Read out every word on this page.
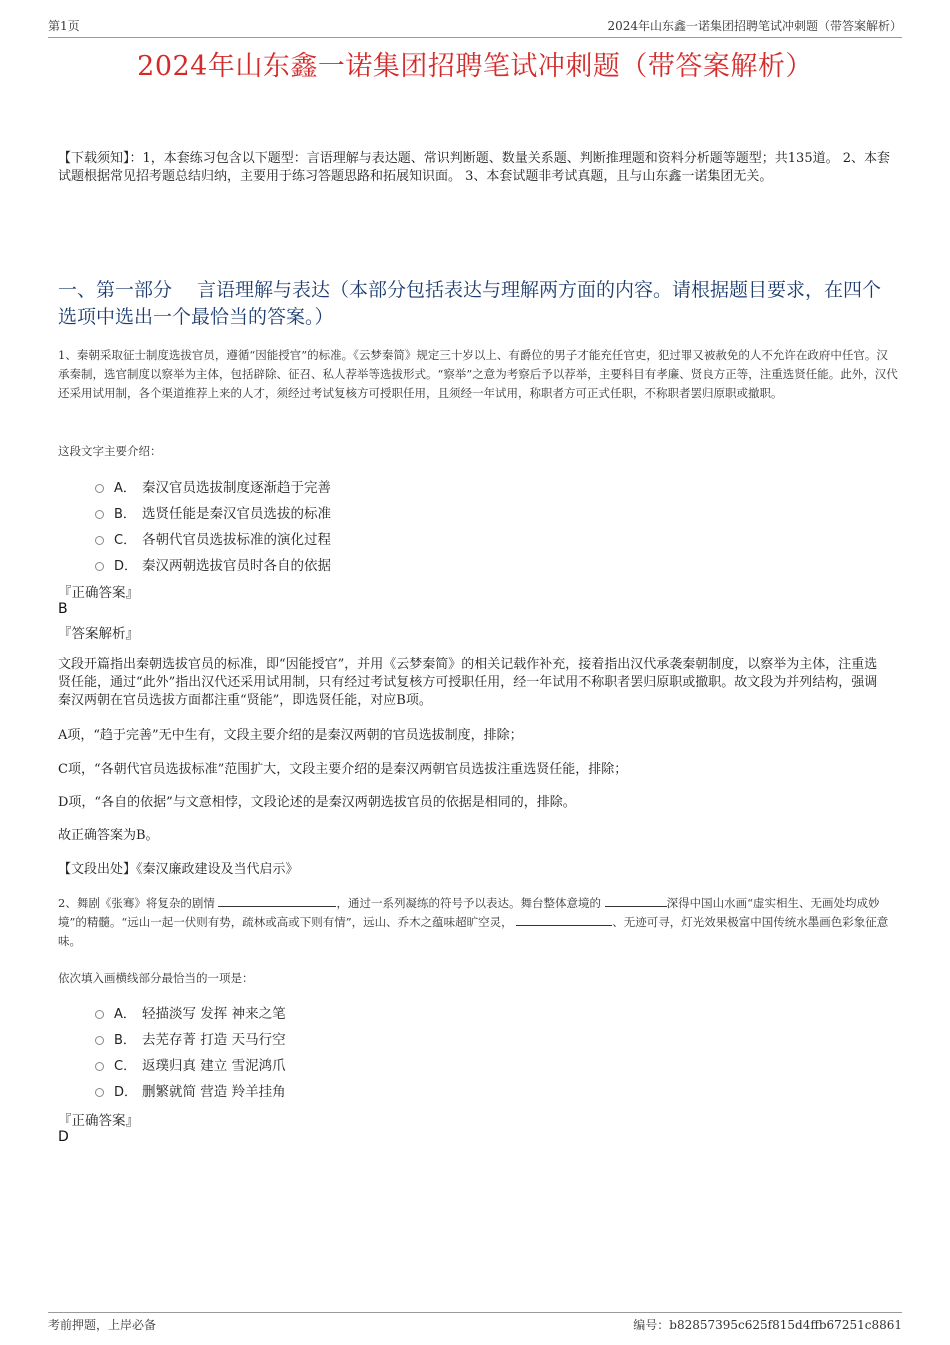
第1页	2024年山东鑫一诺集团招聘笔试冲刺题（带答案解析）
2024年山东鑫一诺集团招聘笔试冲刺题（带答案解析）
【下载须知】：1，本套练习包含以下题型：言语理解与表达题、常识判断题、数量关系题、判断推理题和资料分析题等题型；共135道。 2、本套试题根据常见招考题总结归纳，主要用于练习答题思路和拓展知识面。 3、本套试题非考试真题，且与山东鑫一诺集团无关。
一、第一部分　 言语理解与表达（本部分包括表达与理解两方面的内容。请根据题目要求，在四个选项中选出一个最恰当的答案。）
1、秦朝采取征士制度选拔官员，遵循“因能授官”的标准。《云梦秦简》规定三十岁以上、有爵位的男子才能充任官吏，犯过罪又被赦免的人不允许在政府中任官。汉承秦制，选官制度以察举为主体，包括辟除、征召、私人荐举等选拔形式。“察举”之意为考察后予以荐举，主要科目有孝廉、贤良方正等，注重选贤任能。此外，汉代还采用试用制，各个渠道推荐上来的人才，须经过考试复核方可授职任用，且须经一年试用，称职者方可正式任职，不称职者罢归原职或撤职。
这段文字主要介绍：
A． 秦汉官员选拔制度逐渐趋于完善
B． 选贤任能是秦汉官员选拔的标准
C． 各朝代官员选拔标准的演化过程
D． 秦汉两朝选拔官员时各自的依据
『正确答案』
B
『答案解析』
文段开篇指出秦朝选拔官员的标准，即“因能授官”，并用《云梦秦简》的相关记载作补充，接着指出汉代承袭秦朝制度，以察举为主体，注重选贤任能，通过“此外”指出汉代还采用试用制，只有经过考试复核方可授职任用，经一年试用不称职者罢归原职或撤职。故文段为并列结构，强调秦汉两朝在官员选拔方面都注重“贤能”，即选贤任能，对应B项。
A项，“趋于完善”无中生有，文段主要介绍的是秦汉两朝的官员选拔制度，排除；
C项，“各朝代官员选拔标准”范围扩大，文段主要介绍的是秦汉两朝官员选拔注重选贤任能，排除；
D项，“各自的依据”与文意相悖，文段论述的是秦汉两朝选拔官员的依据是相同的，排除。
故正确答案为B。
【文段出处】《秦汉廉政建设及当代启示》
2、舞剧《张骞》将复杂的剧情	，通过一系列凝练的符号予以表达。舞台整体意境的	深得中国山水画“虚实相生、无画处均成妙境”的精髓。“远山一起一伏则有势，疏林或高或下则有情”，远山、乔木之蕴味超旷空灵，	、无迹可寻，灯光效果极富中国传统水墨画色彩象征意味。
依次填入画横线部分最恰当的一项是：
A． 轻描淡写 发挥 神来之笔
B． 去芜存菁 打造 天马行空
C． 返璞归真 建立 雪泥鸿爪
D． 删繁就简 营造 羚羊挂角
『正确答案』
D
考前押题，上岸必备	编号：b82857395c625f815d4ffb67251c8861
